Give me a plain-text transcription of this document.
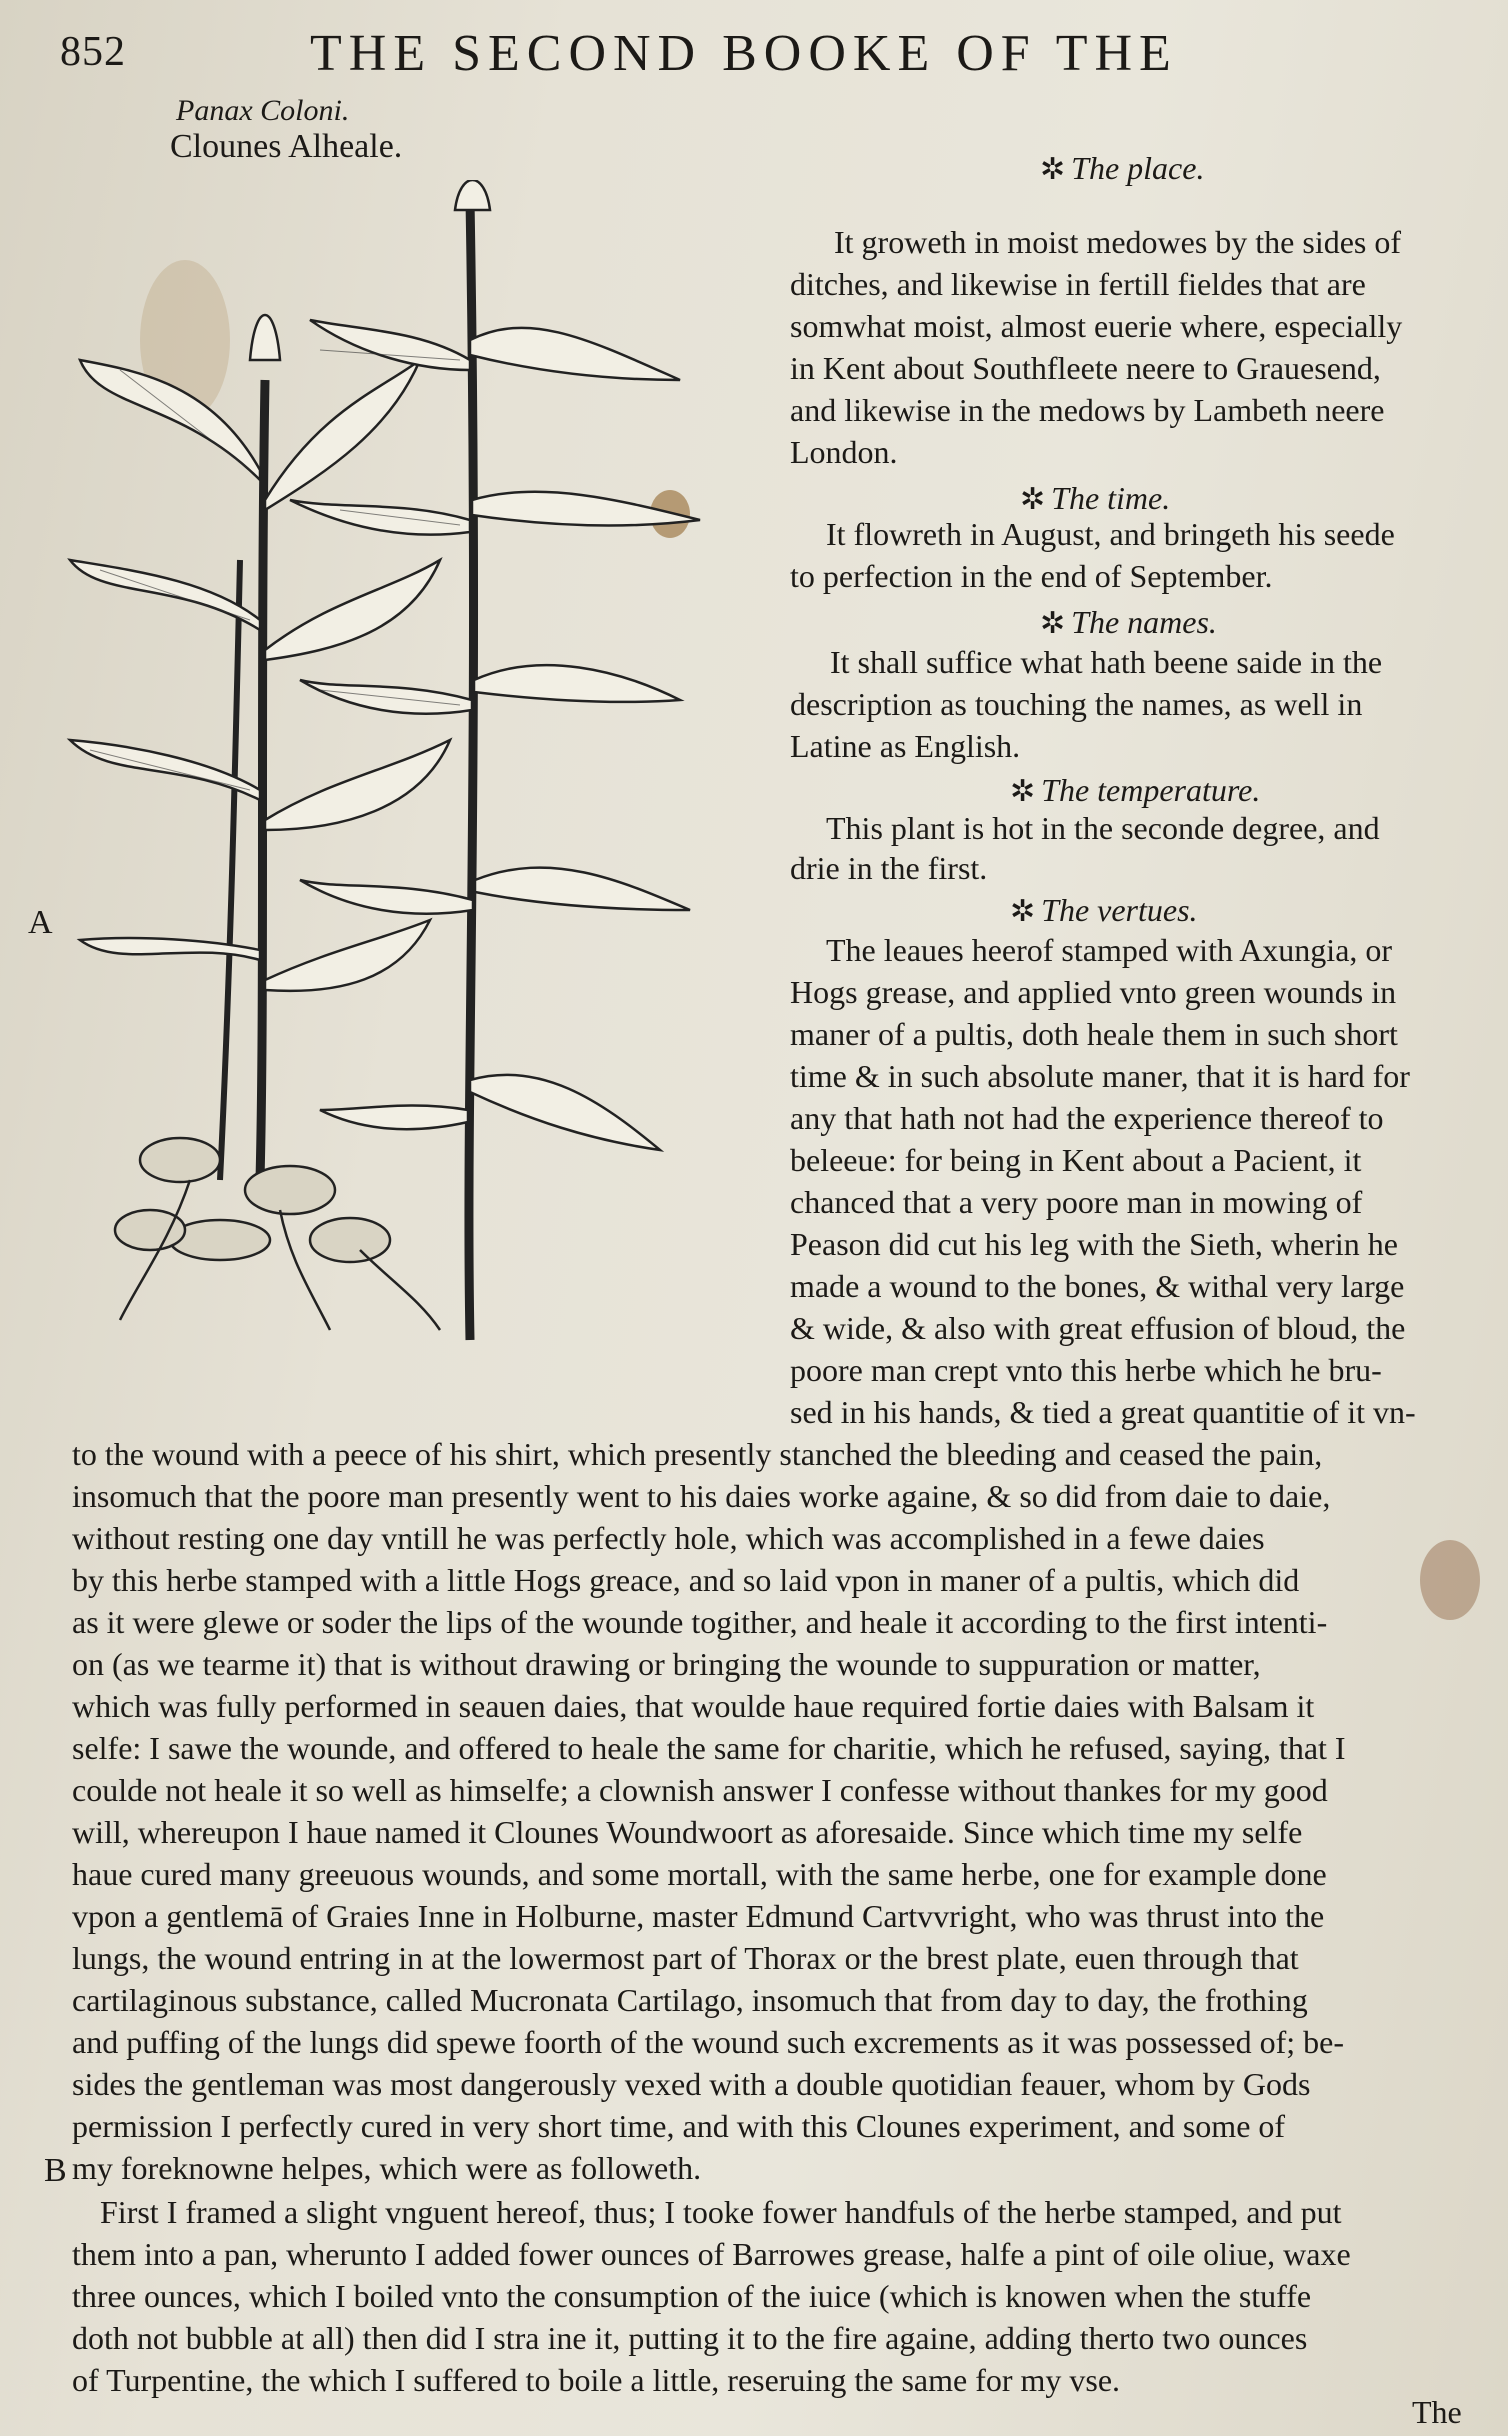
852	THE SECOND BOOKE OF THE
Panax Coloni.
Clounes Alheale.
A
B
✲ The place.
It groweth in moist medowes by the sides of
ditches, and likewise in fertill fieldes that are
somwhat moist, almost euerie where, especially
in Kent about Southfleete neere to Grauesend,
and likewise in the medows by Lambeth neere
London.
✲ The time.
It flowreth in August, and bringeth his seede
to perfection in the end of September.
✲ The names.
It shall suffice what hath beene saide in the
description as touching the names, as well in
Latine as English.
✲ The temperature.
This plant is hot in the seconde degree, and
drie in the first.
✲ The vertues.
The leaues heerof stamped with Axungia, or
Hogs grease, and applied vnto green wounds in
maner of a pultis, doth heale them in such short
time & in such absolute maner, that it is hard for
any that hath not had the experience thereof to
beleeue: for being in Kent about a Pacient, it
chanced that a very poore man in mowing of
Peason did cut his leg with the Sieth, wherin he
made a wound to the bones, & withal very large
& wide, & also with great effusion of bloud, the
poore man crept vnto this herbe which he bru-
sed in his hands, & tied a great quantitie of it vn-
to the wound with a peece of his shirt, which presently stanched the bleeding and ceased the pain,
insomuch that the poore man presently went to his daies worke againe, & so did from daie to daie,
without resting one day vntill he was perfectly hole, which was accomplished in a fewe daies
by this herbe stamped with a little Hogs greace, and so laid vpon in maner of a pultis, which did
as it were glewe or soder the lips of the wounde togither, and heale it according to the first intenti-
on (as we tearme it) that is without drawing or bringing the wounde to suppuration or matter,
which was fully performed in seauen daies, that woulde haue required fortie daies with Balsam it
selfe: I sawe the wounde, and offered to heale the same for charitie, which he refused, saying, that I
coulde not heale it so well as himselfe; a clownish answer I confesse without thankes for my good
will, whereupon I haue named it Clounes Woundwoort as aforesaide. Since which time my selfe
haue cured many greeuous wounds, and some mortall, with the same herbe, one for example done
vpon a gentlemā of Graies Inne in Holburne, master Edmund Cartvvright, who was thrust into the
lungs, the wound entring in at the lowermost part of Thorax or the brest plate, euen through that
cartilaginous substance, called Mucronata Cartilago, insomuch that from day to day, the frothing
and puffing of the lungs did spewe foorth of the wound such excrements as it was possessed of; be-
sides the gentleman was most dangerously vexed with a double quotidian feauer, whom by Gods
permission I perfectly cured in very short time, and with this Clounes experiment, and some of
my foreknowne helpes, which were as followeth.
First I framed a slight vnguent hereof, thus; I tooke fower handfuls of the herbe stamped, and put
them into a pan, wherunto I added fower ounces of Barrowes grease, halfe a pint of oile oliue, waxe
three ounces, which I boiled vnto the consumption of the iuice (which is knowen when the stuffe
doth not bubble at all) then did I stra ine it, putting it to the fire againe, adding therto two ounces
of Turpentine, the which I suffered to boile a little, reseruing the same for my vse.
The
